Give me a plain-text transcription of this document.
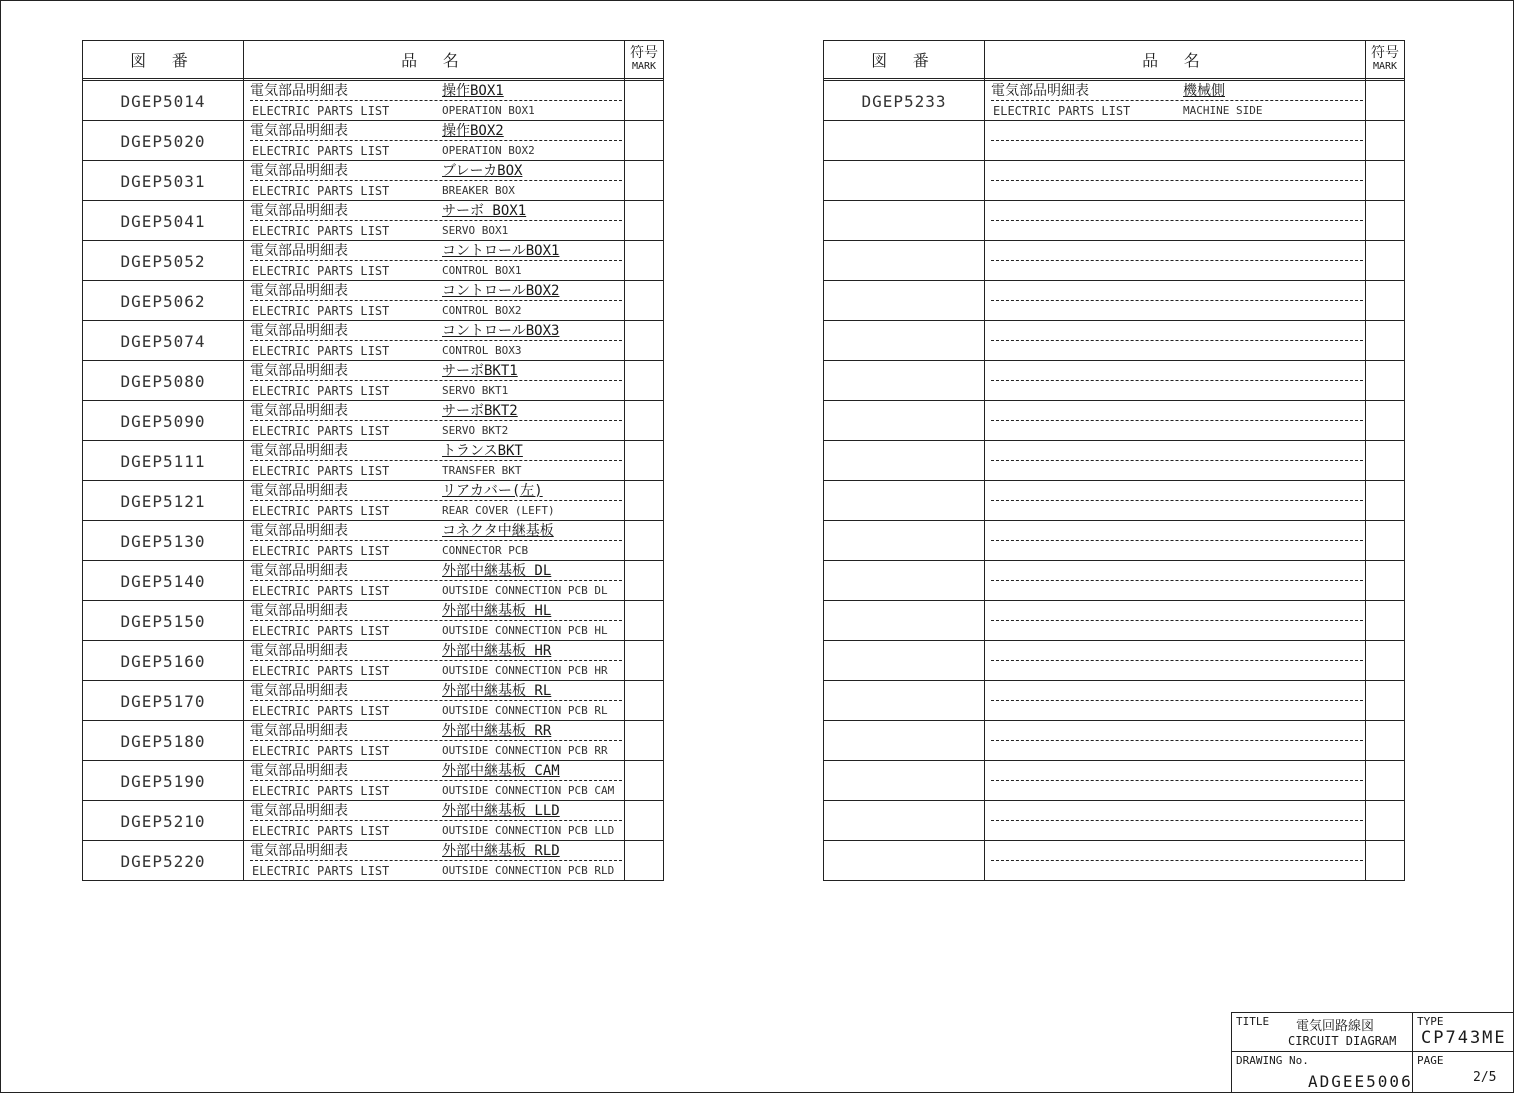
図 番	品 名	符号
MARK
DGEP5014
電気部品明細表	操作BOX1
ELECTRIC PARTS LIST	OPERATION BOX1
DGEP5020
電気部品明細表	操作BOX2
ELECTRIC PARTS LIST	OPERATION BOX2
DGEP5031
電気部品明細表	ブレーカBOX
ELECTRIC PARTS LIST	BREAKER BOX
DGEP5041
電気部品明細表	サーボ BOX1
ELECTRIC PARTS LIST	SERVO BOX1
DGEP5052
電気部品明細表	コントロールBOX1
ELECTRIC PARTS LIST	CONTROL BOX1
DGEP5062
電気部品明細表	コントロールBOX2
ELECTRIC PARTS LIST	CONTROL BOX2
DGEP5074
電気部品明細表	コントロールBOX3
ELECTRIC PARTS LIST	CONTROL BOX3
DGEP5080
電気部品明細表	サーボBKT1
ELECTRIC PARTS LIST	SERVO BKT1
DGEP5090
電気部品明細表	サーボBKT2
ELECTRIC PARTS LIST	SERVO BKT2
DGEP5111
電気部品明細表	トランスBKT
ELECTRIC PARTS LIST	TRANSFER BKT
DGEP5121
電気部品明細表	リアカバー(左)
ELECTRIC PARTS LIST	REAR COVER (LEFT)
DGEP5130
電気部品明細表	コネクタ中継基板
ELECTRIC PARTS LIST	CONNECTOR PCB
DGEP5140
電気部品明細表	外部中継基板 DL
ELECTRIC PARTS LIST	OUTSIDE CONNECTION PCB DL
DGEP5150
電気部品明細表	外部中継基板 HL
ELECTRIC PARTS LIST	OUTSIDE CONNECTION PCB HL
DGEP5160
電気部品明細表	外部中継基板 HR
ELECTRIC PARTS LIST	OUTSIDE CONNECTION PCB HR
DGEP5170
電気部品明細表	外部中継基板 RL
ELECTRIC PARTS LIST	OUTSIDE CONNECTION PCB RL
DGEP5180
電気部品明細表	外部中継基板 RR
ELECTRIC PARTS LIST	OUTSIDE CONNECTION PCB RR
DGEP5190
電気部品明細表	外部中継基板 CAM
ELECTRIC PARTS LIST	OUTSIDE CONNECTION PCB CAM
DGEP5210
電気部品明細表	外部中継基板 LLD
ELECTRIC PARTS LIST	OUTSIDE CONNECTION PCB LLD
DGEP5220
電気部品明細表	外部中継基板 RLD
ELECTRIC PARTS LIST	OUTSIDE CONNECTION PCB RLD
図 番	品 名	符号
MARK
DGEP5233
電気部品明細表	機械側
ELECTRIC PARTS LIST	MACHINE SIDE
TITLE 電気回路線図
CIRCUIT DIAGRAM
TYPE
CP743ME
DRAWING No.
ADGEE5006
PAGE
2/5
